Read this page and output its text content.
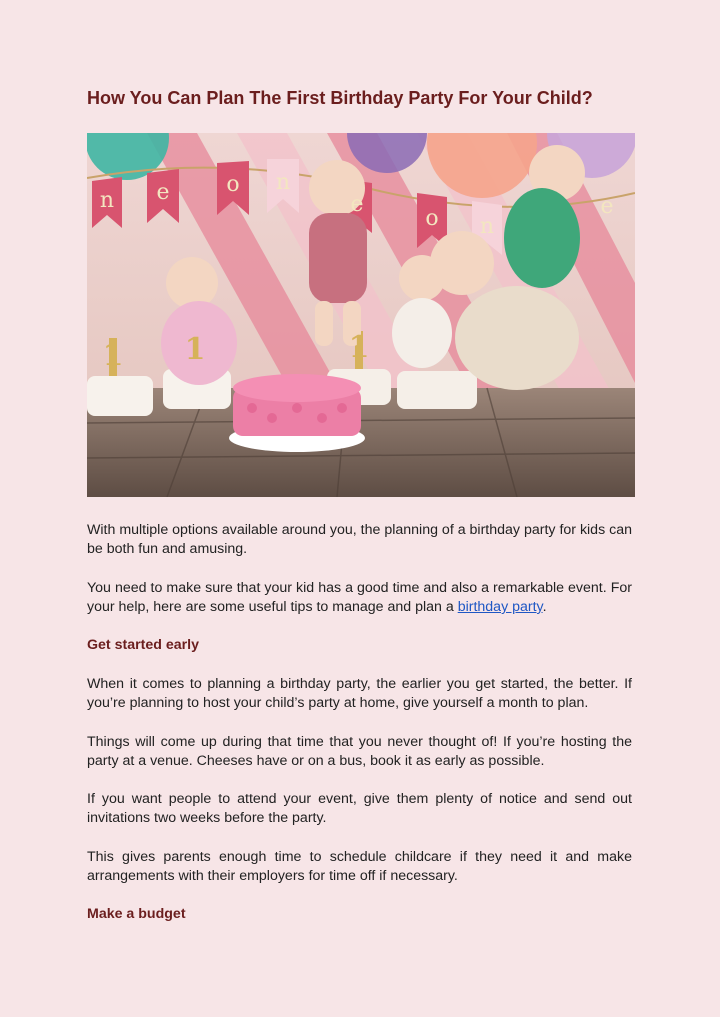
How You Can Plan The First Birthday Party For Your Child?
n e	o n
e
o n
e
1 1	1

With multiple options available around you, the planning of a birthday party for kids can be both fun and amusing.

You need to make sure that your kid has a good time and also a remarkable event. For your help, here are some useful tips to manage and plan a birthday party.

Get started early

When it comes to planning a birthday party, the earlier you get started, the better. If you’re planning to host your child’s party at home, give yourself a month to plan.

Things will come up during that time that you never thought of! If you’re hosting the party at a venue. Cheeses have or on a bus, book it as early as possible.

If you want people to attend your event, give them plenty of notice and send out invitations two weeks before the party.

This gives parents enough time to schedule childcare if they need it and make arrangements with their employers for time off if necessary.

Make a budget
